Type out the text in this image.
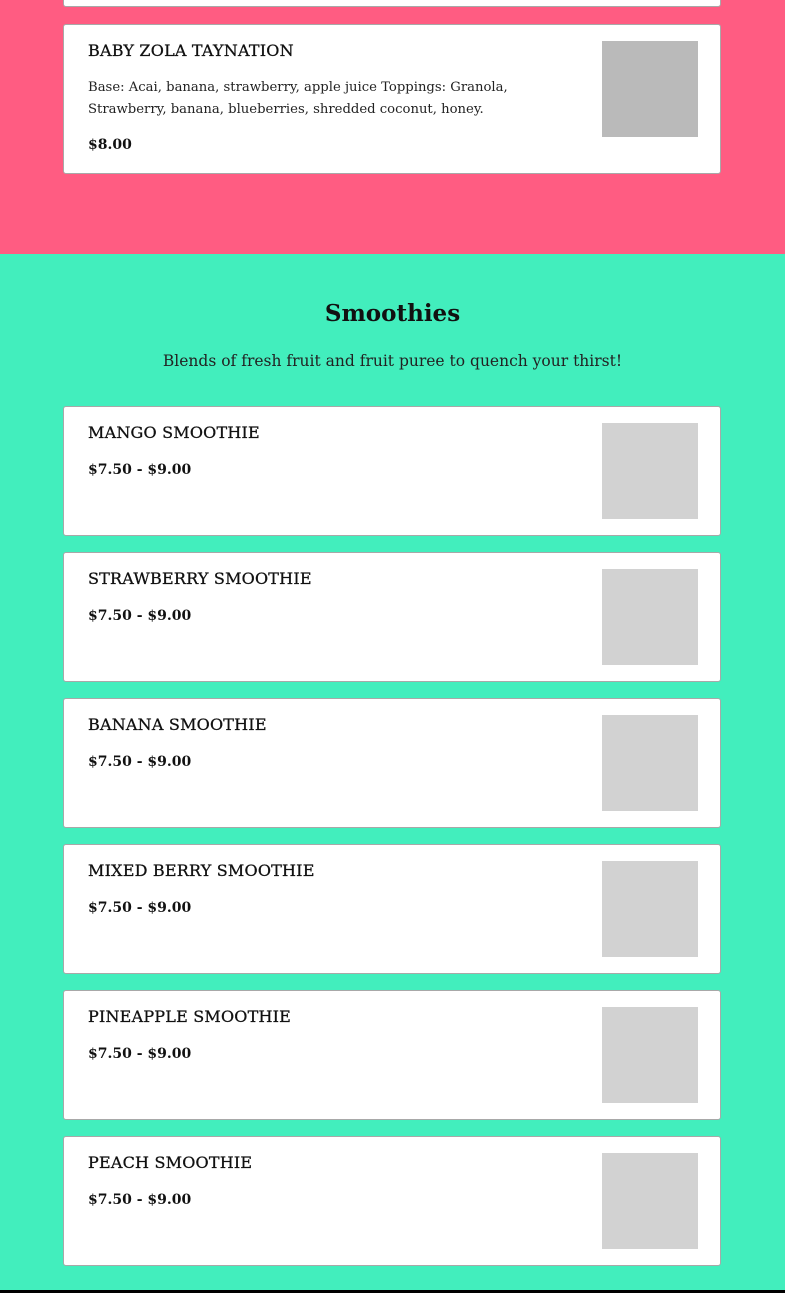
BABY ZOLA TAYNATION

Base: Acai, banana, strawberry, apple juice Toppings: Granola, Strawberry, banana, blueberries, shredded coconut, honey.

$8.00

Smoothies

Blends of fresh fruit and fruit puree to quench your thirst!

MANGO SMOOTHIE

$7.50 - $9.00

STRAWBERRY SMOOTHIE

$7.50 - $9.00

BANANA SMOOTHIE

$7.50 - $9.00

MIXED BERRY SMOOTHIE

$7.50 - $9.00

PINEAPPLE SMOOTHIE

$7.50 - $9.00

PEACH SMOOTHIE

$7.50 - $9.00
